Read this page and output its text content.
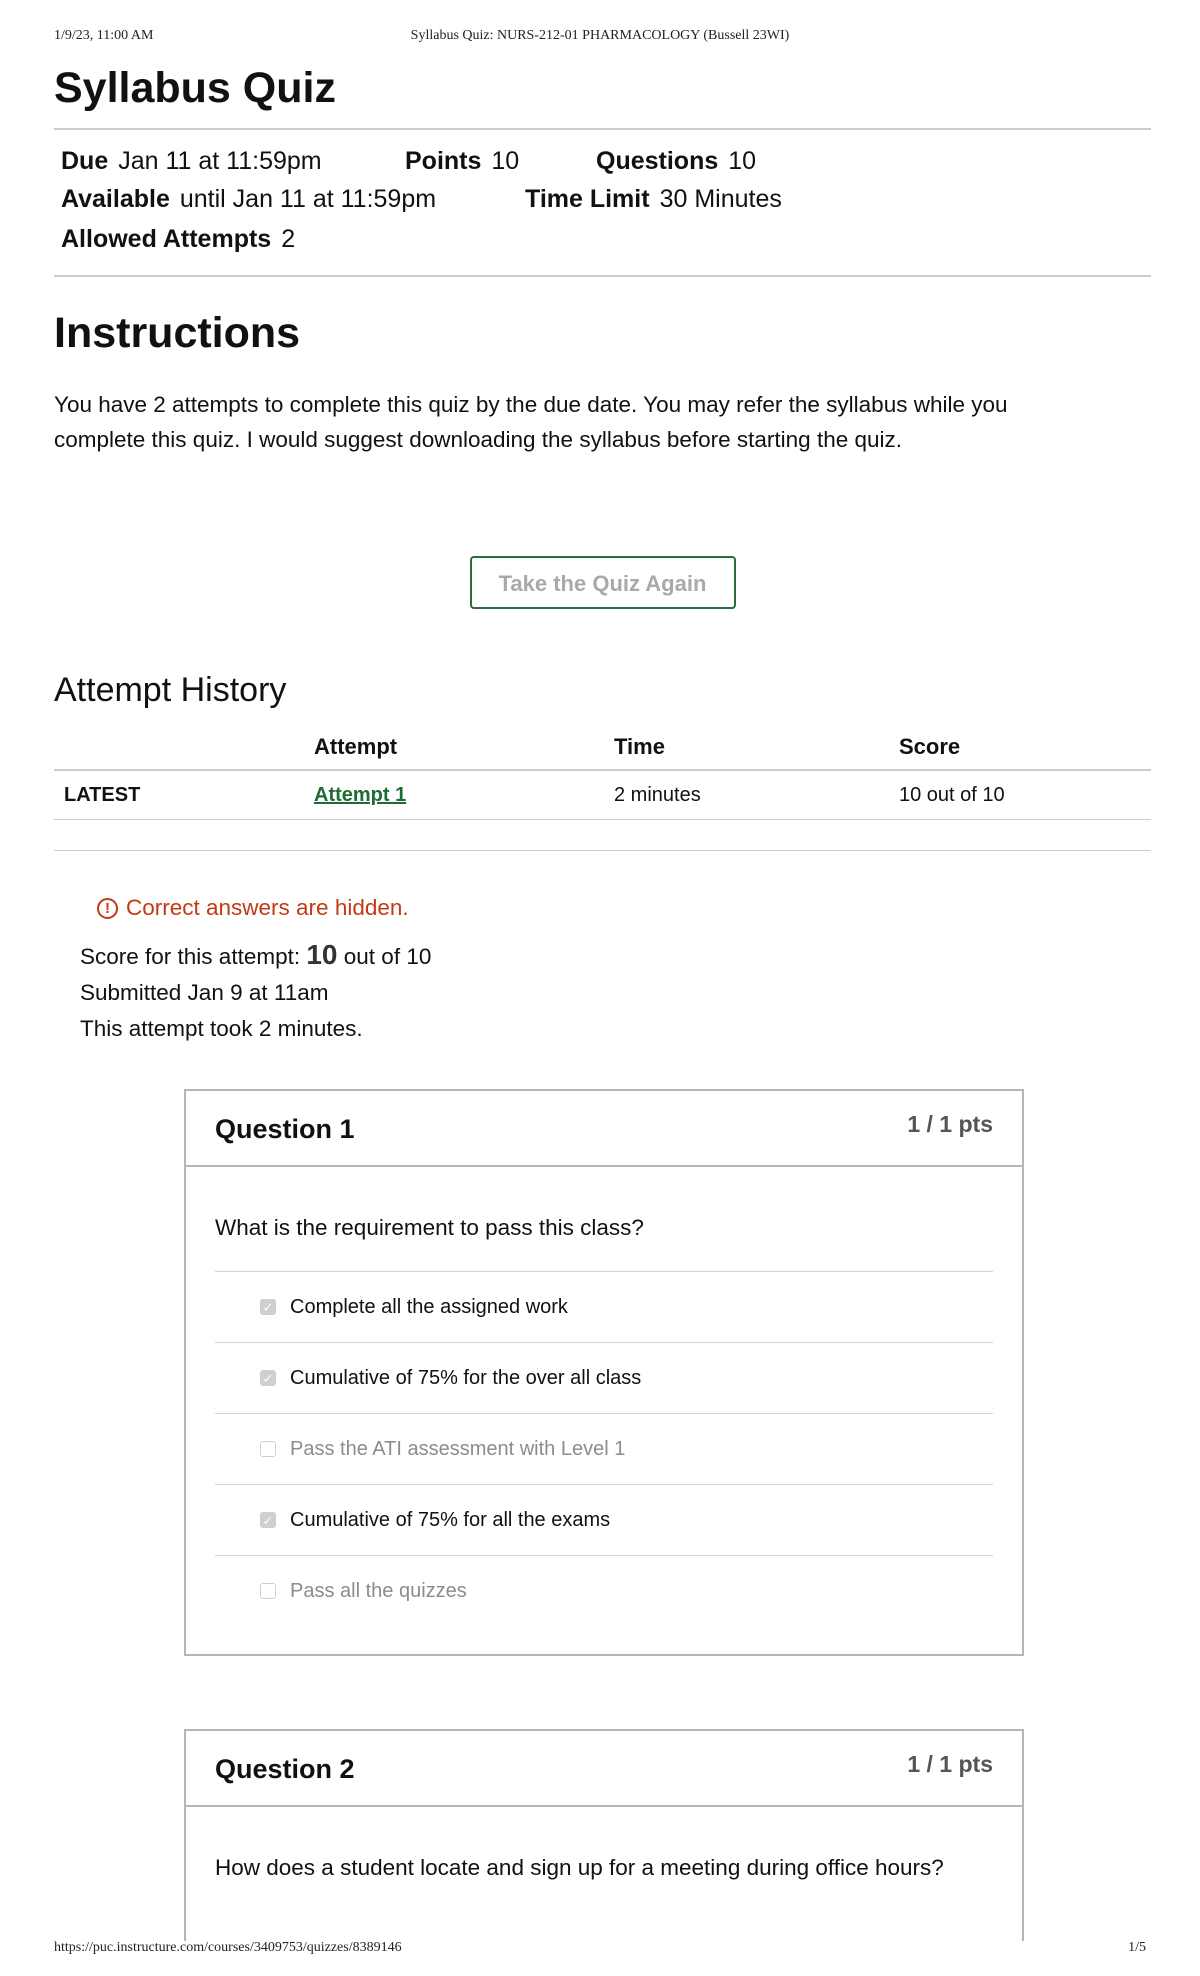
1/9/23, 11:00 AM	Syllabus Quiz: NURS-212-01 PHARMACOLOGY (Bussell 23WI)
Syllabus Quiz
Due Jan 11 at 11:59pm	Points 10	Questions 10
Available until Jan 11 at 11:59pm	Time Limit 30 Minutes
Allowed Attempts 2
Instructions

You have 2 attempts to complete this quiz by the due date. You may refer the syllabus while you complete this quiz. I would suggest downloading the syllabus before starting the quiz.

Take the Quiz Again
Attempt History
	Attempt	Time	Score
LATEST	Attempt 1	2 minutes	10 out of 10
! Correct answers are hidden.
Score for this attempt: 10 out of 10
Submitted Jan 9 at 11am
This attempt took 2 minutes.
Question 1	1 / 1 pts
What is the requirement to pass this class?
✓ Complete all the assigned work
✓ Cumulative of 75% for the over all class
Pass the ATI assessment with Level 1
✓ Cumulative of 75% for all the exams
Pass all the quizzes
Question 2	1 / 1 pts
How does a student locate and sign up for a meeting during office hours?
https://puc.instructure.com/courses/3409753/quizzes/8389146	1/5
